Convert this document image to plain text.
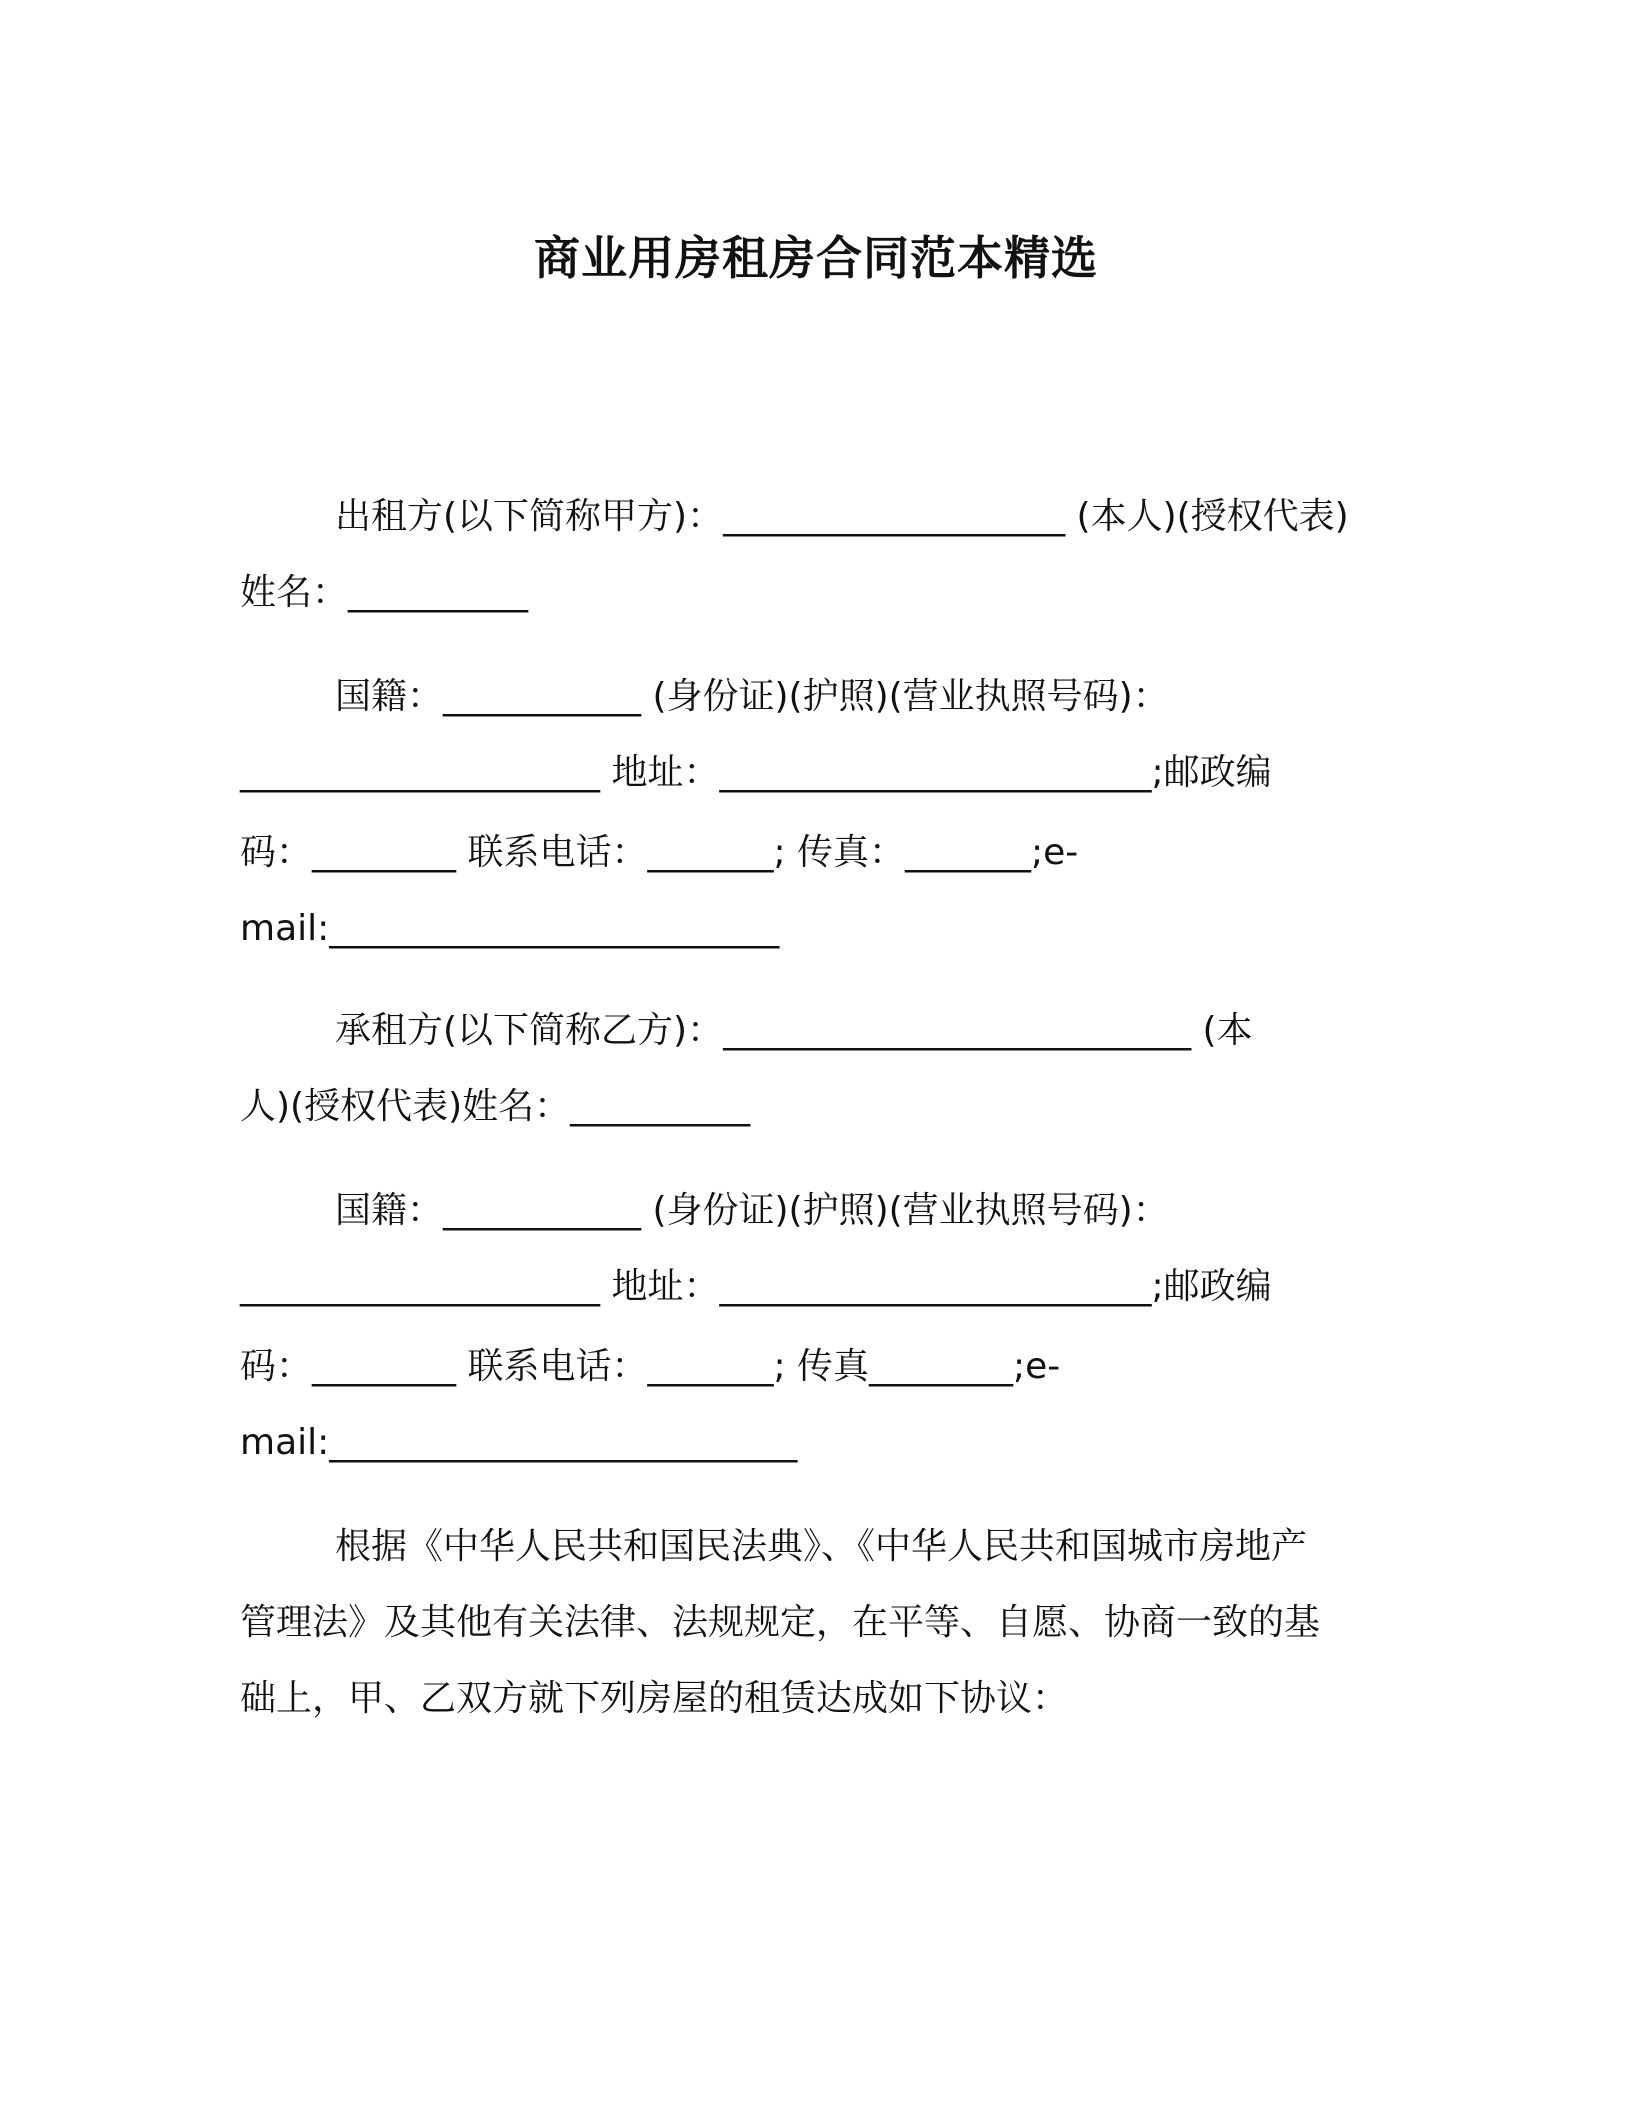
商业用房租房合同范本精选
出租方(以下简称甲方)：___________________ (本人)(授权代表)
姓名：__________
国籍：___________ (身份证)(护照)(营业执照号码)：
____________________ 地址：________________________;邮政编
码：________ 联系电话：_______; 传真：_______;e-
mail:_________________________
承租方(以下简称乙方)：__________________________ (本
人)(授权代表)姓名：__________
国籍：___________ (身份证)(护照)(营业执照号码)：
____________________ 地址：________________________;邮政编
码：________ 联系电话：_______; 传真________;e-
mail:__________________________
根据《中华人民共和国民法典》、《中华人民共和国城市房地产
管理法》及其他有关法律、法规规定，在平等、自愿、协商一致的基
础上，甲、乙双方就下列房屋的租赁达成如下协议：
